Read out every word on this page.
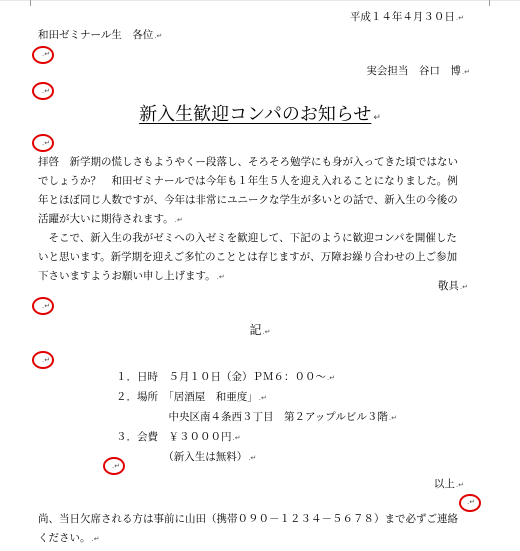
平成１４年４月３０日.↵
和田ゼミナール生　各位.↵
.↵
実会担当　谷口　博.↵
.↵
新入生歓迎コンパのお知らせ ↵
.↵
拝啓　新学期の慌しさもようやくー段落し、そろそろ勉学にも身が入ってきた頃ではない
でしょうか？　和田ゼミナールでは今年も１年生５人を迎え入れることになりました。例
年とほぼ同じ人数ですが、今年は非常にユニークな学生が多いとの話で、新入生の今後の
活躍が大いに期待されます。.↵
　そこで、新入生の我がゼミへの入ゼミを歓迎して、下記のように歓迎コンパを開催した
いと思います。新学期を迎えご多忙のこととは存じますが、万障お繰り合わせの上ご参加
下さいますようお願い申し上げます。.↵
敬具.↵
.↵
記.↵
.↵
１．日時　５月１０日（金）ＰＭ６：００～.↵
２．場所　「居酒屋　和亜度」.↵
　　　　　中央区南４条西３丁目　第２アップルビル３階.↵
３．会費　￥３０００円.↵
　　　　　（新入生は無料）.↵
.↵
以上.↵
.↵
尚、当日欠席される方は事前に山田（携帯０９０－１２３４－５６７８）まで必ずご連絡
ください。.↵
